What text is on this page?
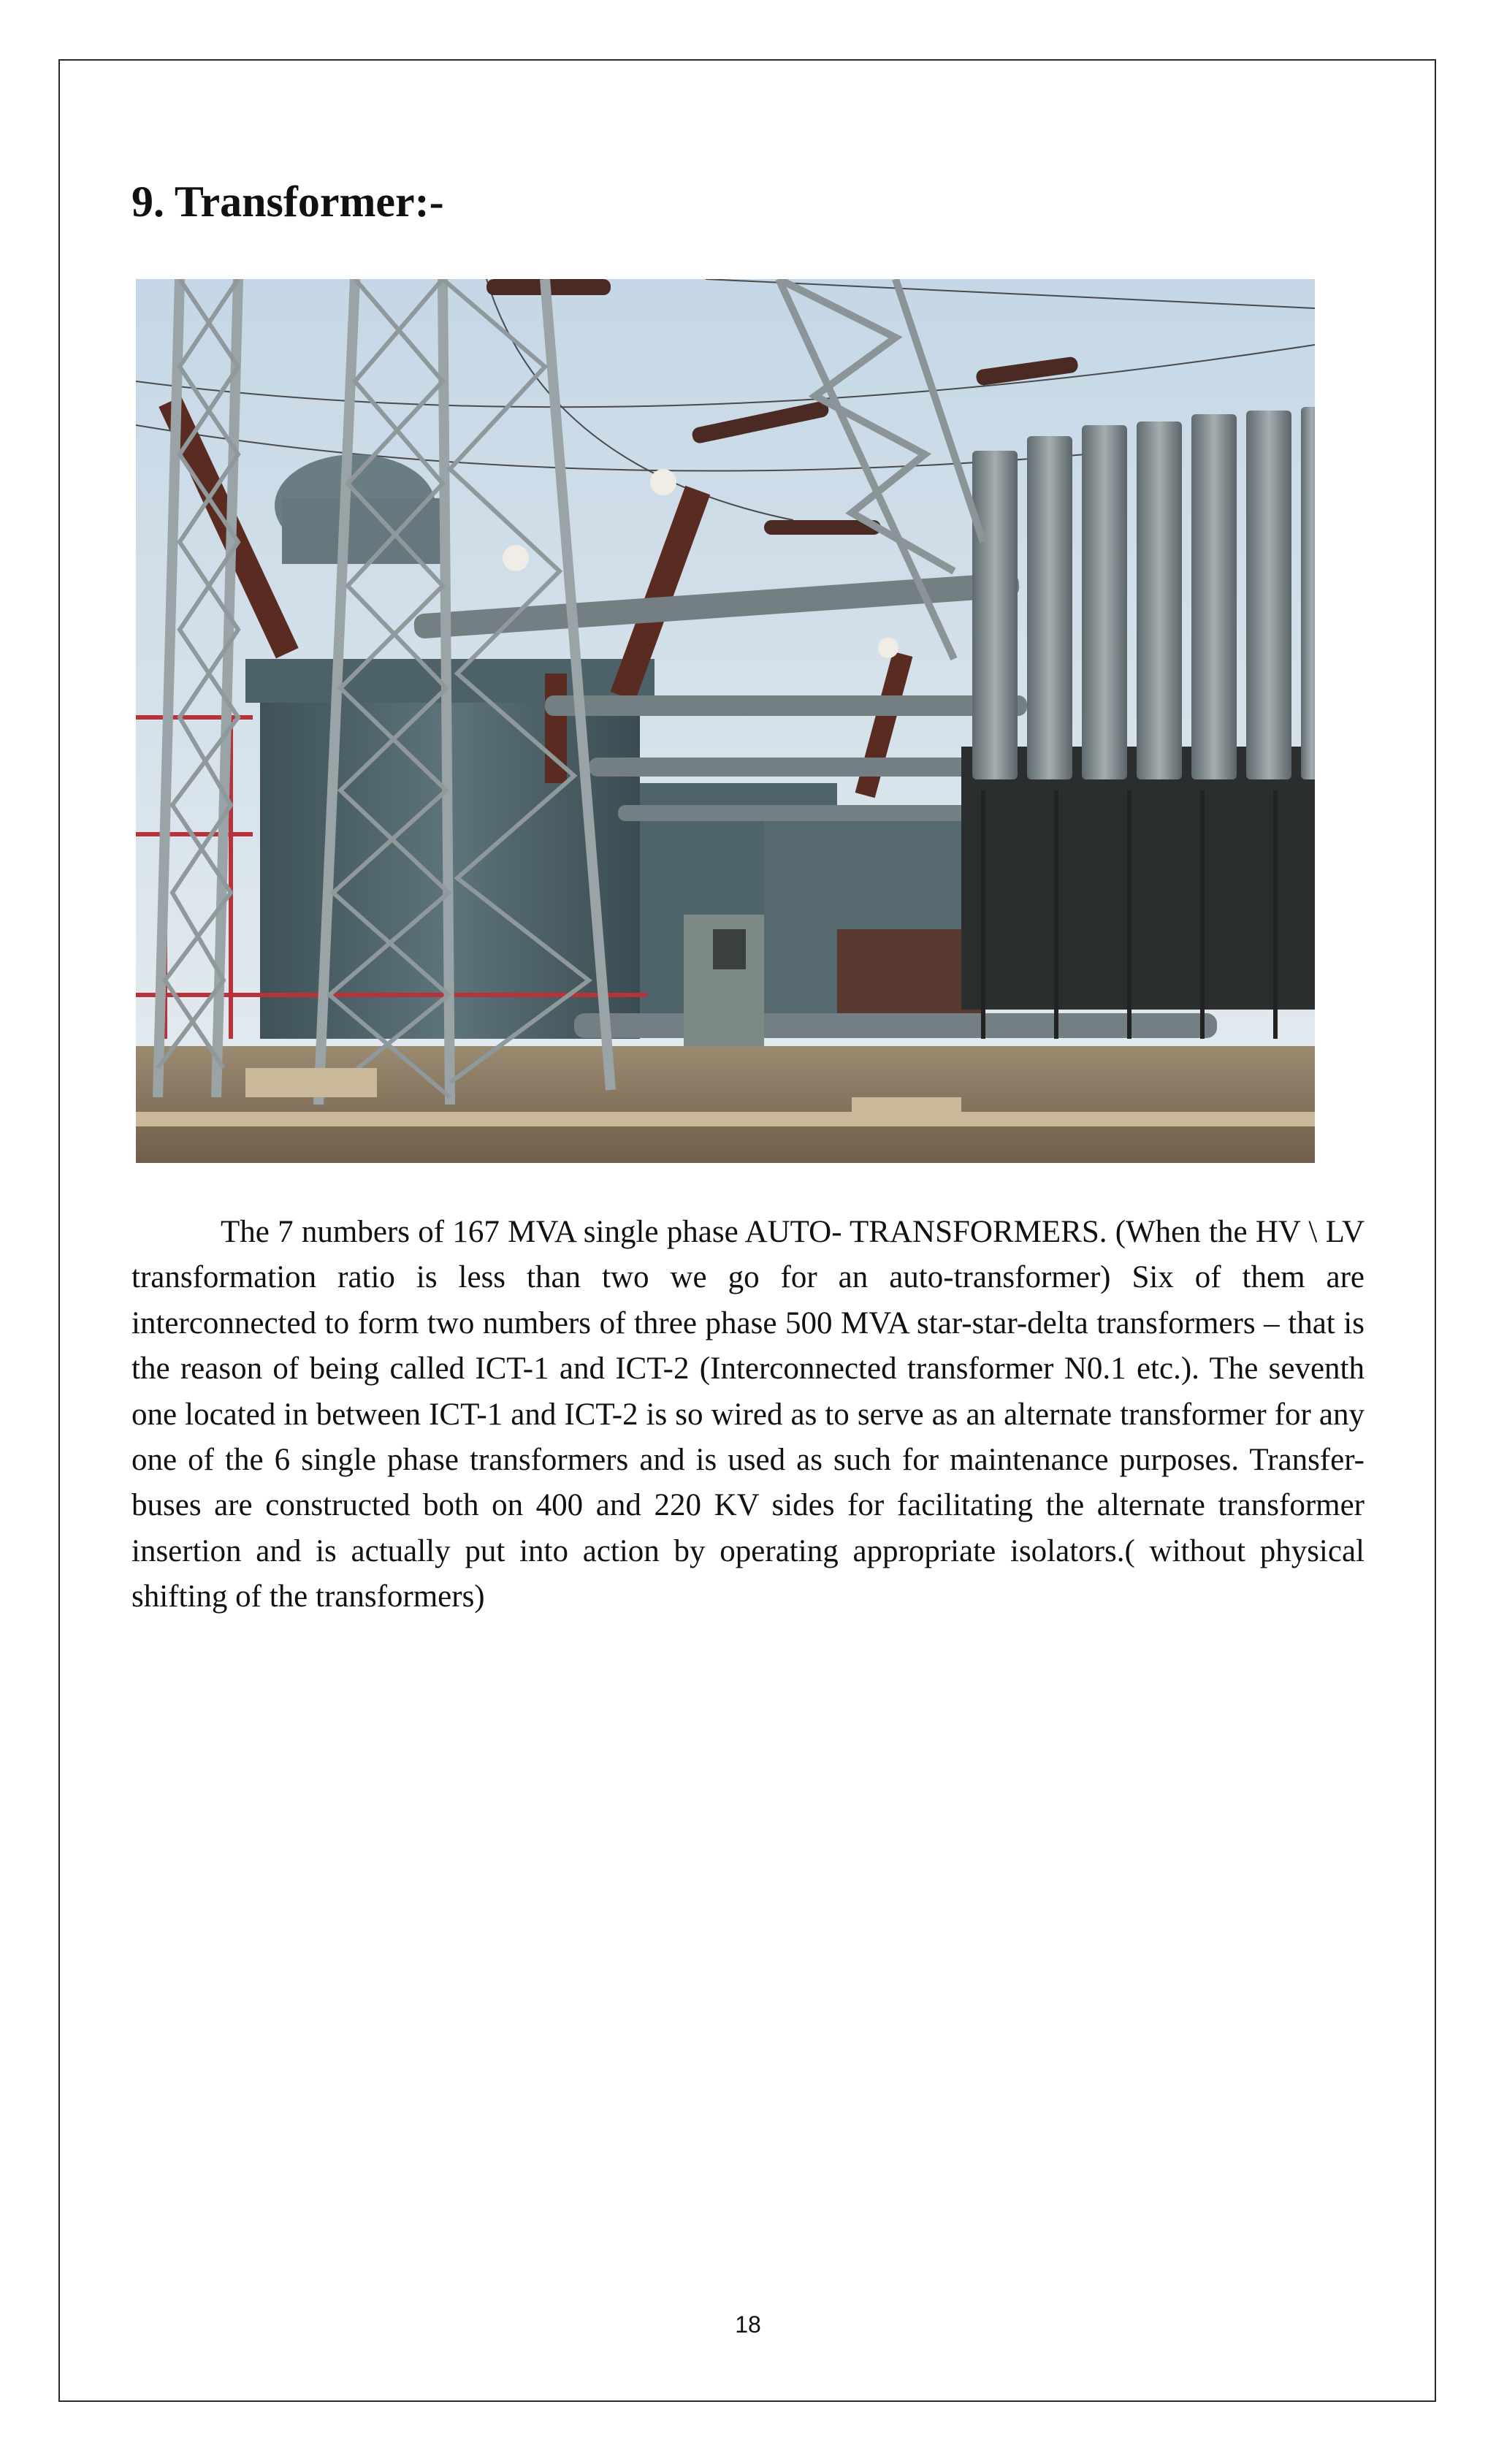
9. Transformer:-

The 7 numbers of 167 MVA single phase AUTO- TRANSFORMERS. (When the HV \ LV transformation ratio is less than two we go for an auto-transformer) Six of them are interconnected to form two numbers of three phase 500 MVA star-star-delta transformers – that is the reason of being called ICT-1 and ICT-2 (Interconnected transformer N0.1 etc.). The seventh one located in between ICT-1 and ICT-2 is so wired as to serve as an alternate transformer for any one of the 6 single phase transformers and is used as such for maintenance purposes. Transfer-buses are constructed both on 400 and 220 KV sides for facilitating the alternate transformer insertion and is actually put into action by operating appropriate isolators.( without physical shifting of the transformers)

18
